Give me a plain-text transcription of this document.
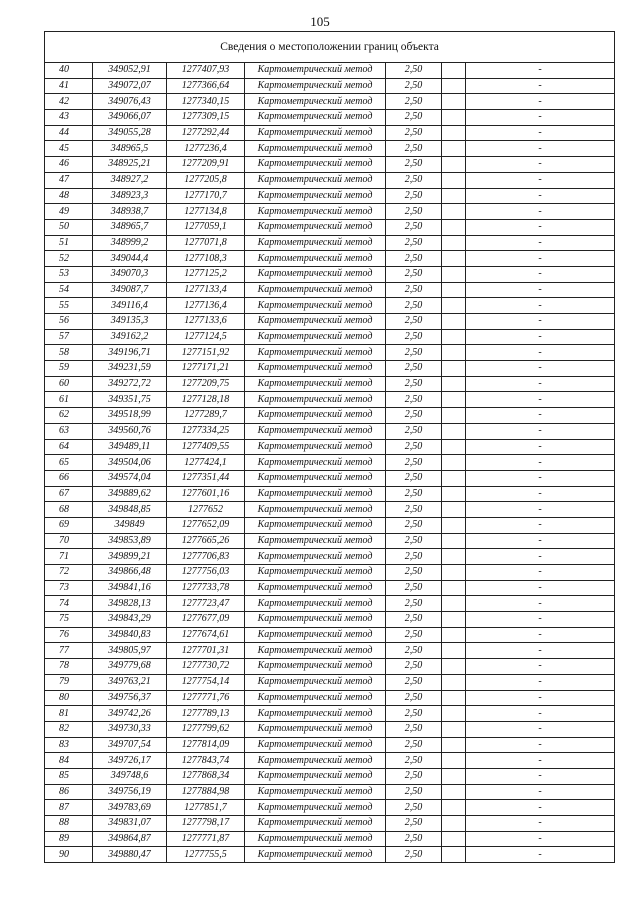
105
Сведения о местоположении границ объекта						
40	349052,91	1277407,93	Картометрический метод	2,50		-
41	349072,07	1277366,64	Картометрический метод	2,50		-
42	349076,43	1277340,15	Картометрический метод	2,50		-
43	349066,07	1277309,15	Картометрический метод	2,50		-
44	349055,28	1277292,44	Картометрический метод	2,50		-
45	348965,5	1277236,4	Картометрический метод	2,50		-
46	348925,21	1277209,91	Картометрический метод	2,50		-
47	348927,2	1277205,8	Картометрический метод	2,50		-
48	348923,3	1277170,7	Картометрический метод	2,50		-
49	348938,7	1277134,8	Картометрический метод	2,50		-
50	348965,7	1277059,1	Картометрический метод	2,50		-
51	348999,2	1277071,8	Картометрический метод	2,50		-
52	349044,4	1277108,3	Картометрический метод	2,50		-
53	349070,3	1277125,2	Картометрический метод	2,50		-
54	349087,7	1277133,4	Картометрический метод	2,50		-
55	349116,4	1277136,4	Картометрический метод	2,50		-
56	349135,3	1277133,6	Картометрический метод	2,50		-
57	349162,2	1277124,5	Картометрический метод	2,50		-
58	349196,71	1277151,92	Картометрический метод	2,50		-
59	349231,59	1277171,21	Картометрический метод	2,50		-
60	349272,72	1277209,75	Картометрический метод	2,50		-
61	349351,75	1277128,18	Картометрический метод	2,50		-
62	349518,99	1277289,7	Картометрический метод	2,50		-
63	349560,76	1277334,25	Картометрический метод	2,50		-
64	349489,11	1277409,55	Картометрический метод	2,50		-
65	349504,06	1277424,1	Картометрический метод	2,50		-
66	349574,04	1277351,44	Картометрический метод	2,50		-
67	349889,62	1277601,16	Картометрический метод	2,50		-
68	349848,85	1277652	Картометрический метод	2,50		-
69	349849	1277652,09	Картометрический метод	2,50		-
70	349853,89	1277665,26	Картометрический метод	2,50		-
71	349899,21	1277706,83	Картометрический метод	2,50		-
72	349866,48	1277756,03	Картометрический метод	2,50		-
73	349841,16	1277733,78	Картометрический метод	2,50		-
74	349828,13	1277723,47	Картометрический метод	2,50		-
75	349843,29	1277677,09	Картометрический метод	2,50		-
76	349840,83	1277674,61	Картометрический метод	2,50		-
77	349805,97	1277701,31	Картометрический метод	2,50		-
78	349779,68	1277730,72	Картометрический метод	2,50		-
79	349763,21	1277754,14	Картометрический метод	2,50		-
80	349756,37	1277771,76	Картометрический метод	2,50		-
81	349742,26	1277789,13	Картометрический метод	2,50		-
82	349730,33	1277799,62	Картометрический метод	2,50		-
83	349707,54	1277814,09	Картометрический метод	2,50		-
84	349726,17	1277843,74	Картометрический метод	2,50		-
85	349748,6	1277868,34	Картометрический метод	2,50		-
86	349756,19	1277884,98	Картометрический метод	2,50		-
87	349783,69	1277851,7	Картометрический метод	2,50		-
88	349831,07	1277798,17	Картометрический метод	2,50		-
89	349864,87	1277771,87	Картометрический метод	2,50		-
90	349880,47	1277755,5	Картометрический метод	2,50		-
